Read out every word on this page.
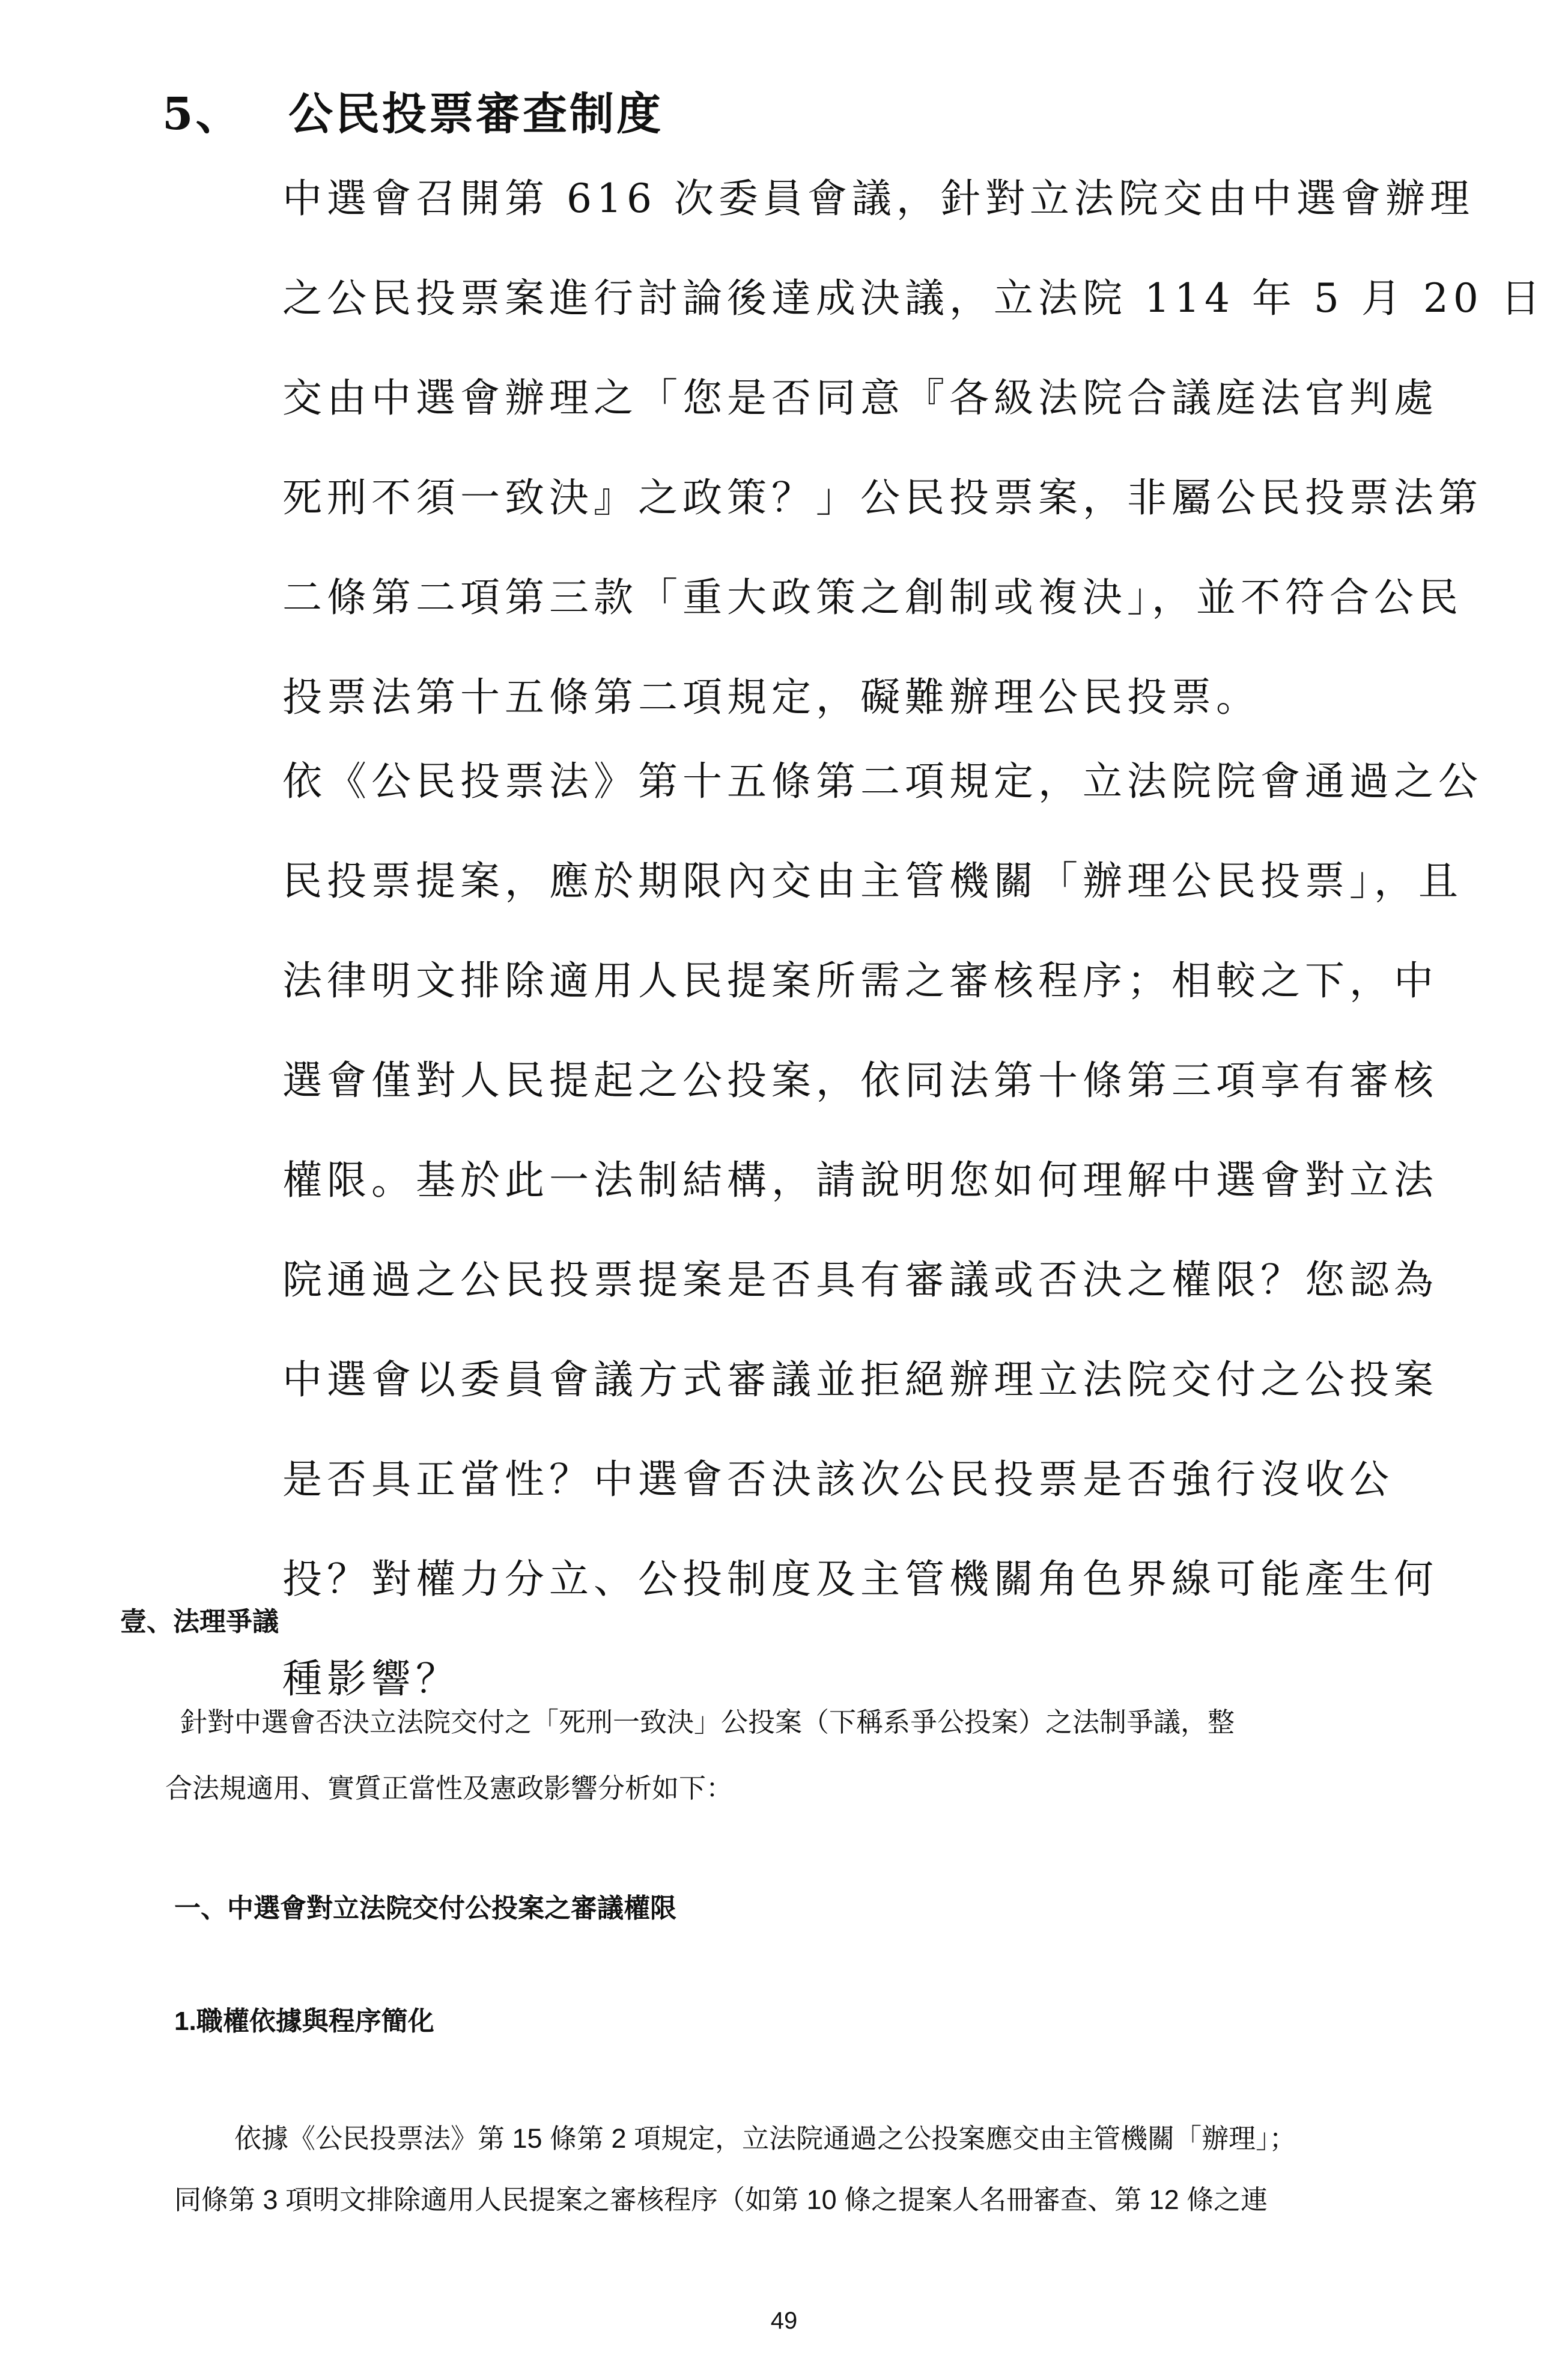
5、 公民投票審查制度
中選會召開第 616 次委員會議，針對立法院交由中選會辦理
之公民投票案進行討論後達成決議，立法院 114 年 5 月 20 日
交由中選會辦理之「您是否同意『各級法院合議庭法官判處
死刑不須一致決』之政策？」公民投票案，非屬公民投票法第
二條第二項第三款「重大政策之創制或複決」，並不符合公民
投票法第十五條第二項規定，礙難辦理公民投票。
依《公民投票法》第十五條第二項規定，立法院院會通過之公
民投票提案，應於期限內交由主管機關「辦理公民投票」，且
法律明文排除適用人民提案所需之審核程序；相較之下，中
選會僅對人民提起之公投案，依同法第十條第三項享有審核
權限。基於此一法制結構，請說明您如何理解中選會對立法
院通過之公民投票提案是否具有審議或否決之權限？您認為
中選會以委員會議方式審議並拒絕辦理立法院交付之公投案
是否具正當性？中選會否決該次公民投票是否強行沒收公
投？對權力分立、公投制度及主管機關角色界線可能產生何
種影響？
壹、法理爭議
針對中選會否決立法院交付之「死刑一致決」公投案（下稱系爭公投案）之法制爭議，整
合法規適用、實質正當性及憲政影響分析如下：
一、中選會對立法院交付公投案之審議權限
1.職權依據與程序簡化
依據《公民投票法》第 15 條第 2 項規定，立法院通過之公投案應交由主管機關「辦理」；
同條第 3 項明文排除適用人民提案之審核程序（如第 10 條之提案人名冊審查、第 12 條之連
49
